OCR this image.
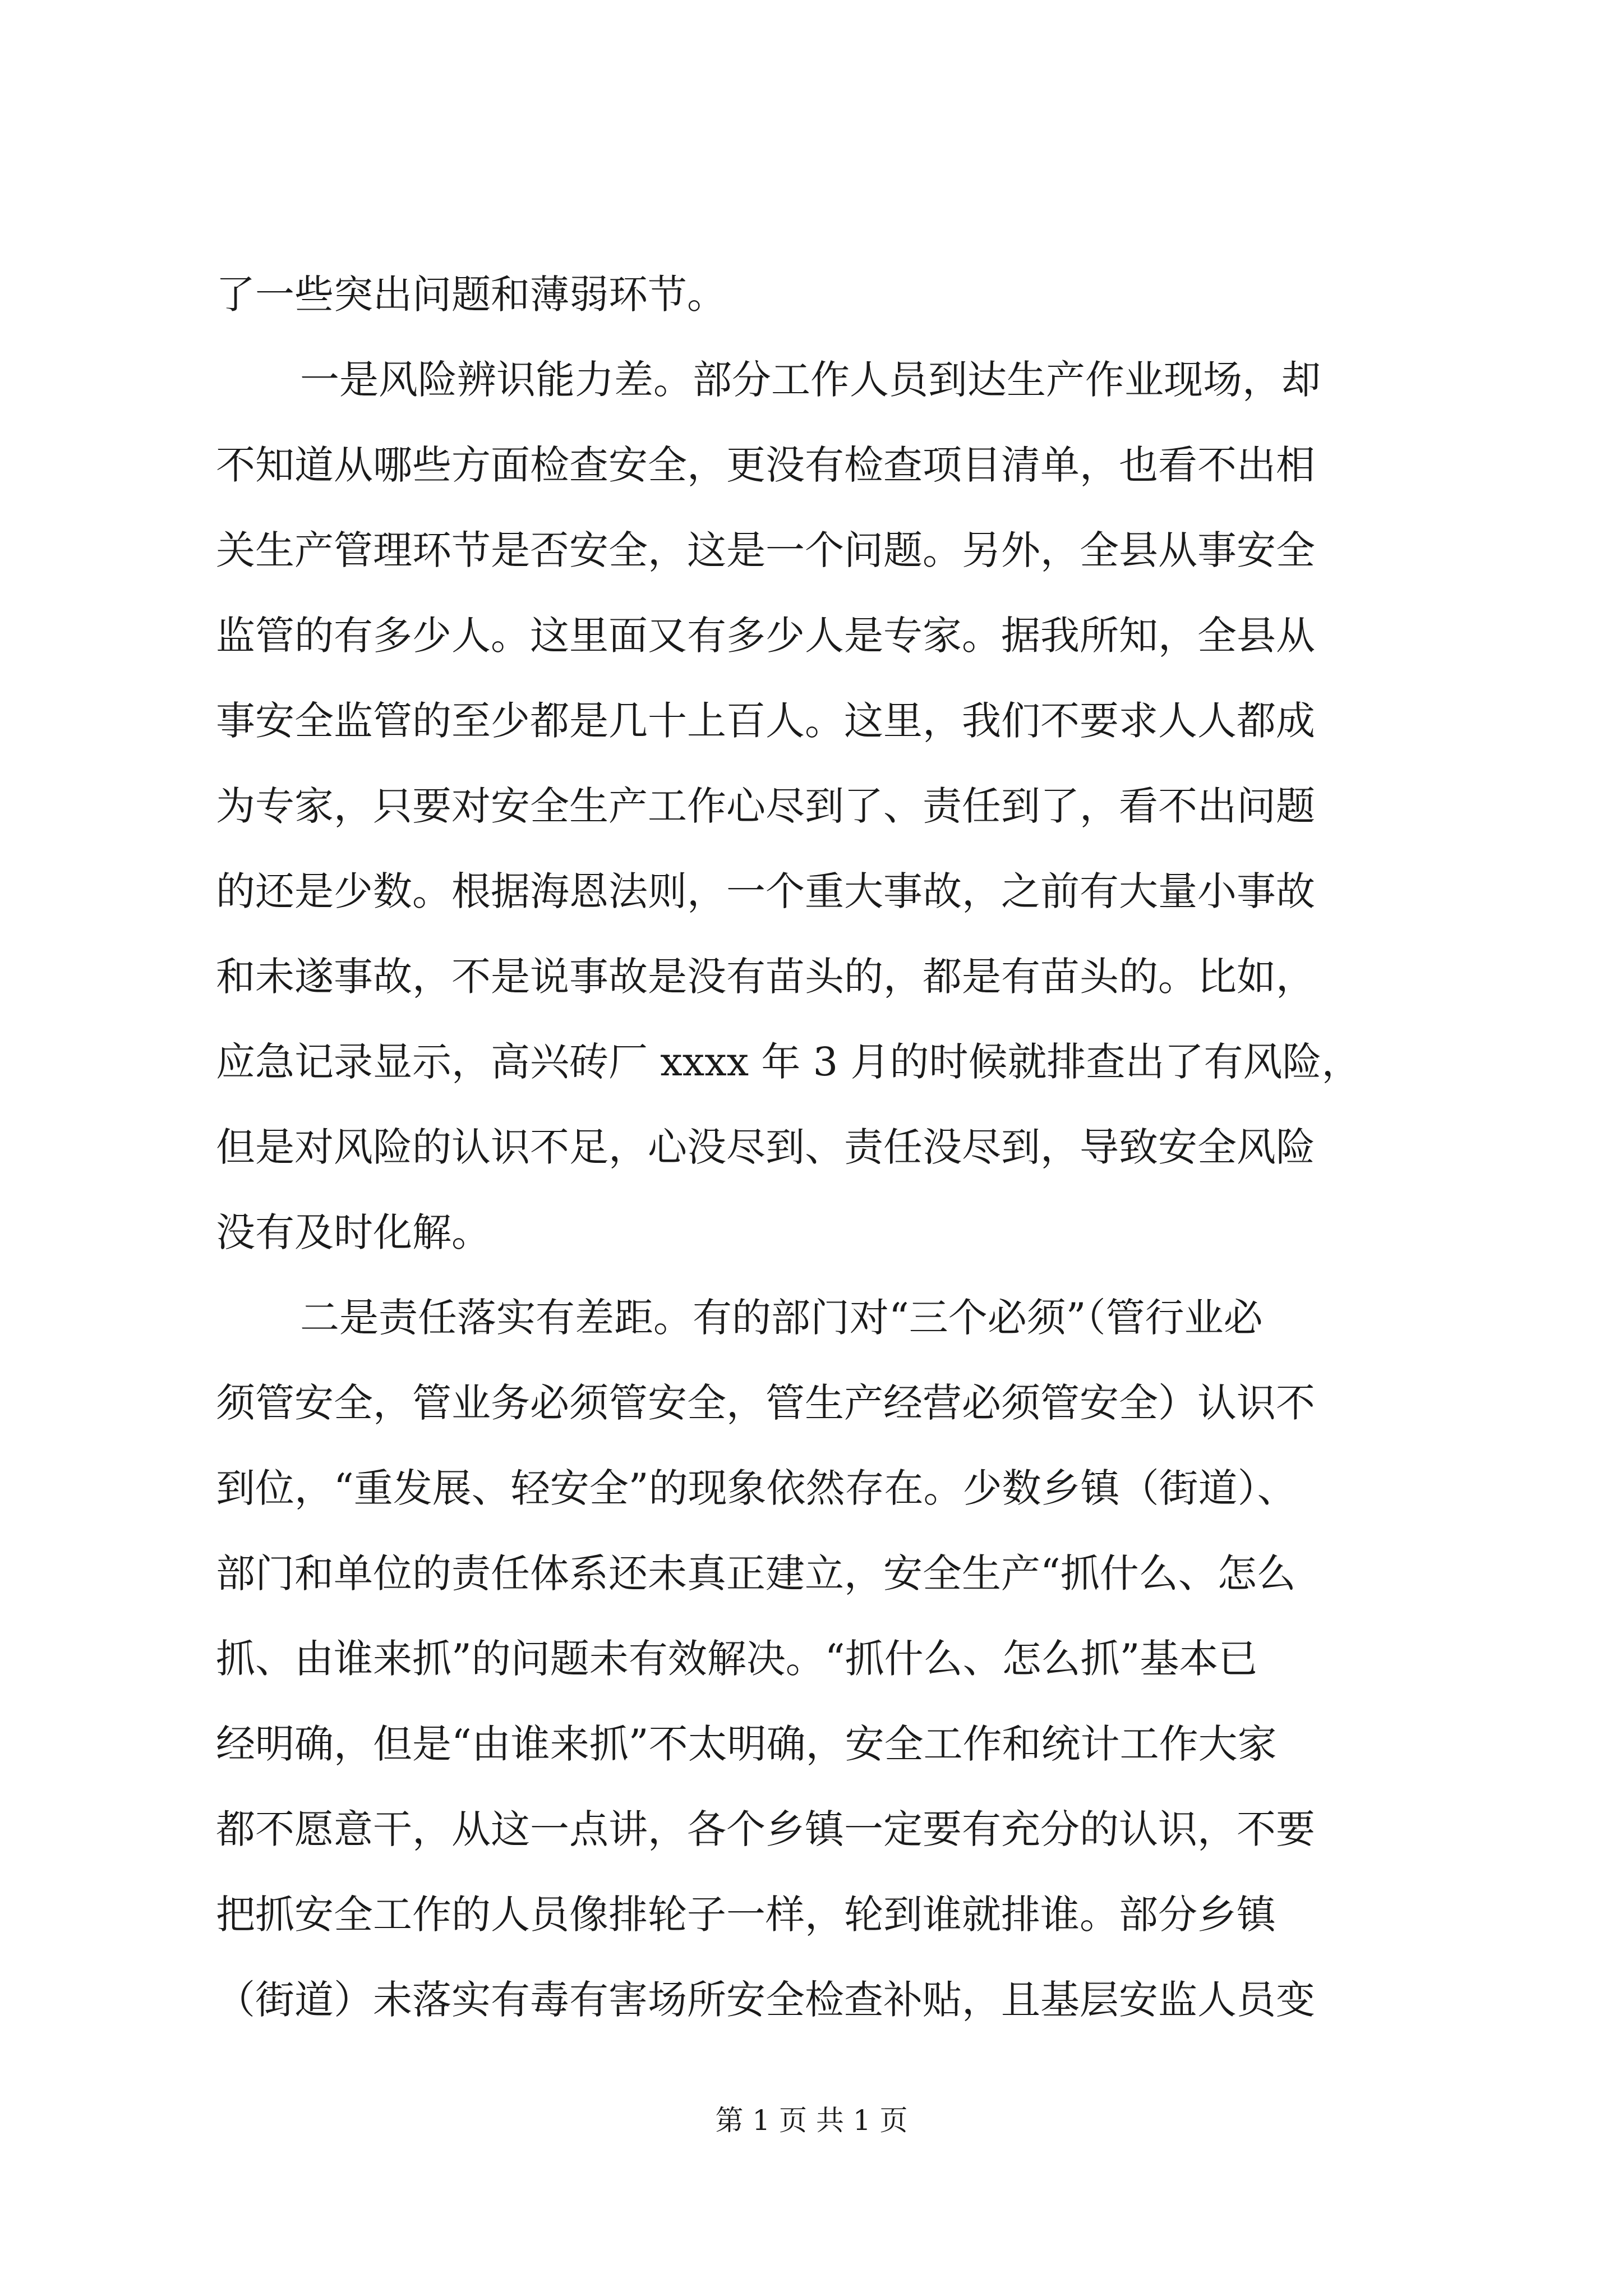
了一些突出问题和薄弱环节。
一是风险辨识能力差。部分工作人员到达生产作业现场，却
不知道从哪些方面检查安全，更没有检查项目清单，也看不出相
关生产管理环节是否安全，这是一个问题。另外，全县从事安全
监管的有多少人。这里面又有多少人是专家。据我所知，全县从
事安全监管的至少都是几十上百人。这里，我们不要求人人都成
为专家，只要对安全生产工作心尽到了、责任到了，看不出问题
的还是少数。根据海恩法则，一个重大事故，之前有大量小事故
和未遂事故，不是说事故是没有苗头的，都是有苗头的。比如，
应急记录显示，高兴砖厂 xxxx 年 3 月的时候就排查出了有风险，
但是对风险的认识不足，心没尽到、责任没尽到，导致安全风险
没有及时化解。
二是责任落实有差距。有的部门对“三个必须”（管行业必
须管安全，管业务必须管安全，管生产经营必须管安全）认识不
到位，“重发展、轻安全”的现象依然存在。少数乡镇（街道）、
部门和单位的责任体系还未真正建立，安全生产“抓什么、怎么
抓、由谁来抓”的问题未有效解决。“抓什么、怎么抓”基本已
经明确，但是“由谁来抓”不太明确，安全工作和统计工作大家
都不愿意干，从这一点讲，各个乡镇一定要有充分的认识，不要
把抓安全工作的人员像排轮子一样，轮到谁就排谁。部分乡镇
（街道）未落实有毒有害场所安全检查补贴，且基层安监人员变
第 1 页 共 1 页
